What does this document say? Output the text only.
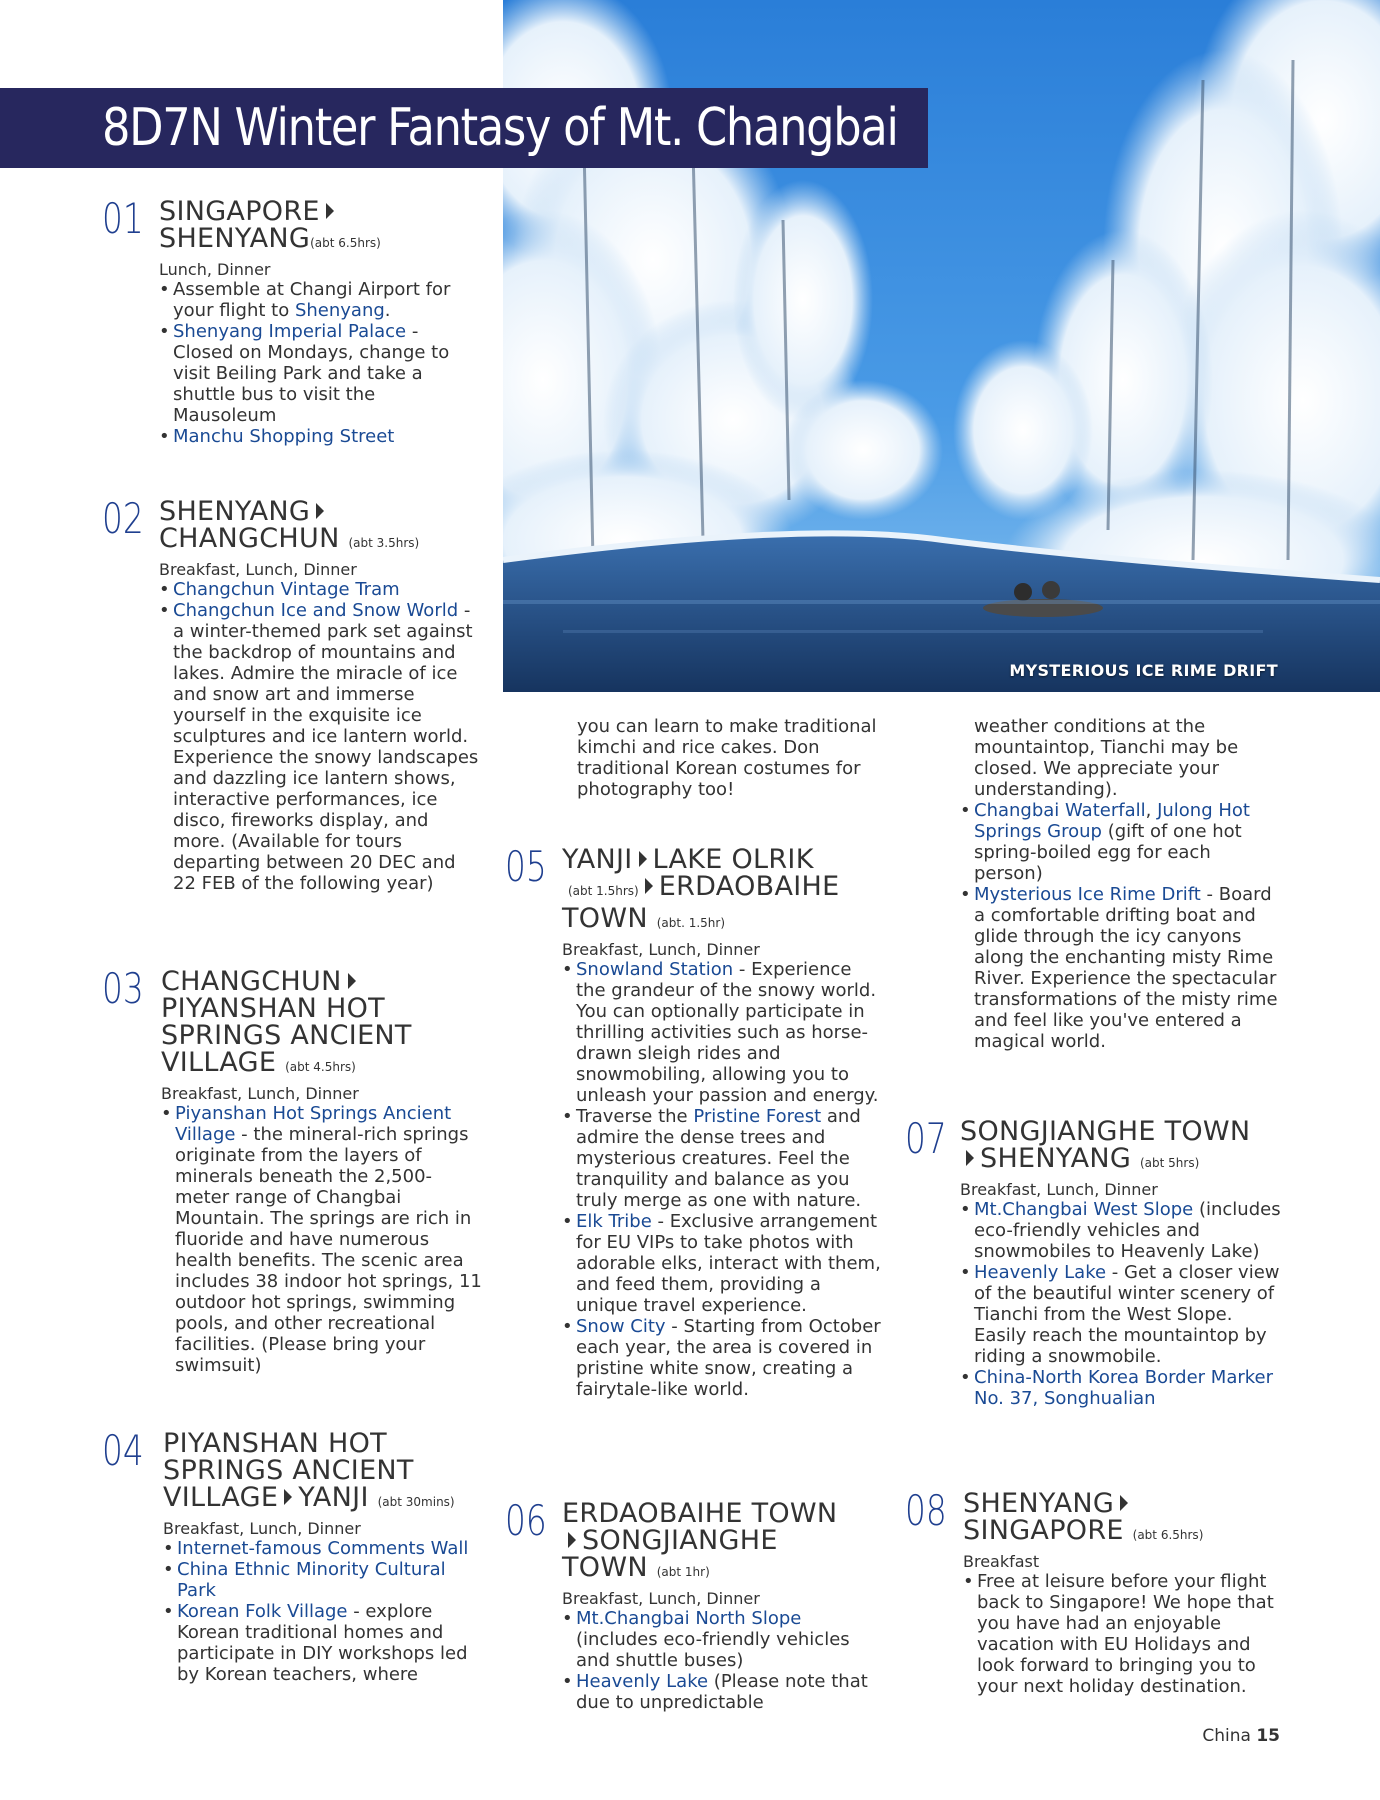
MYSTERIOUS ICE RIME DRIFT
8D7N Winter Fantasy of Mt. Changbai
01 SINGAPORE
SHENYANG(abt 6.5hrs)
Lunch, Dinner
• Assemble at Changi Airport for your flight to Shenyang.
• Shenyang Imperial Palace - Closed on Mondays, change to visit Beiling Park and take a shuttle bus to visit the Mausoleum
• Manchu Shopping Street
02 SHENYANG
CHANGCHUN (abt 3.5hrs)
Breakfast, Lunch, Dinner
• Changchun Vintage Tram
• Changchun Ice and Snow World - a winter-themed park set against the backdrop of mountains and lakes. Admire the miracle of ice and snow art and immerse yourself in the exquisite ice sculptures and ice lantern world. Experience the snowy landscapes and dazzling ice lantern shows, interactive performances, ice disco, fireworks display, and more. (Available for tours departing between 20 DEC and 22 FEB of the following year)
03 CHANGCHUN
PIYANSHAN HOT
SPRINGS ANCIENT
VILLAGE (abt 4.5hrs)
Breakfast, Lunch, Dinner
• Piyanshan Hot Springs Ancient Village - the mineral-rich springs originate from the layers of minerals beneath the 2,500-meter range of Changbai Mountain. The springs are rich in fluoride and have numerous health benefits. The scenic area includes 38 indoor hot springs, 11 outdoor hot springs, swimming pools, and other recreational facilities. (Please bring your swimsuit)
04 PIYANSHAN HOT
SPRINGS ANCIENT
VILLAGE YANJI (abt 30mins)
Breakfast, Lunch, Dinner
• Internet-famous Comments Wall
• China Ethnic Minority Cultural Park
• Korean Folk Village - explore Korean traditional homes and participate in DIY workshops led by Korean teachers, where
you can learn to make traditional kimchi and rice cakes. Don traditional Korean costumes for photography too!
05 YANJI LAKE OLRIK
(abt 1.5hrs) ERDAOBAIHE
TOWN (abt. 1.5hr)
Breakfast, Lunch, Dinner
• Snowland Station - Experience the grandeur of the snowy world. You can optionally participate in thrilling activities such as horse-drawn sleigh rides and snowmobiling, allowing you to unleash your passion and energy.
• Traverse the Pristine Forest and admire the dense trees and mysterious creatures. Feel the tranquility and balance as you truly merge as one with nature.
• Elk Tribe - Exclusive arrangement for EU VIPs to take photos with adorable elks, interact with them, and feed them, providing a unique travel experience.
• Snow City - Starting from October each year, the area is covered in pristine white snow, creating a fairytale-like world.
06 ERDAOBAIHE TOWN
SONGJIANGHE
TOWN (abt 1hr)
Breakfast, Lunch, Dinner
• Mt.Changbai North Slope (includes eco-friendly vehicles and shuttle buses)
• Heavenly Lake (Please note that due to unpredictable
weather conditions at the mountaintop, Tianchi may be closed. We appreciate your understanding).
• Changbai Waterfall, Julong Hot Springs Group (gift of one hot spring-boiled egg for each person)
• Mysterious Ice Rime Drift - Board a comfortable drifting boat and glide through the icy canyons along the enchanting misty Rime River. Experience the spectacular transformations of the misty rime and feel like you've entered a magical world.
07 SONGJIANGHE TOWN
SHENYANG (abt 5hrs)
Breakfast, Lunch, Dinner
• Mt.Changbai West Slope (includes eco-friendly vehicles and snowmobiles to Heavenly Lake)
• Heavenly Lake - Get a closer view of the beautiful winter scenery of Tianchi from the West Slope. Easily reach the mountaintop by riding a snowmobile.
• China-North Korea Border Marker No. 37, Songhualian
08 SHENYANG
SINGAPORE (abt 6.5hrs)
Breakfast
• Free at leisure before your flight back to Singapore! We hope that you have had an enjoyable vacation with EU Holidays and look forward to bringing you to your next holiday destination.
China 15
